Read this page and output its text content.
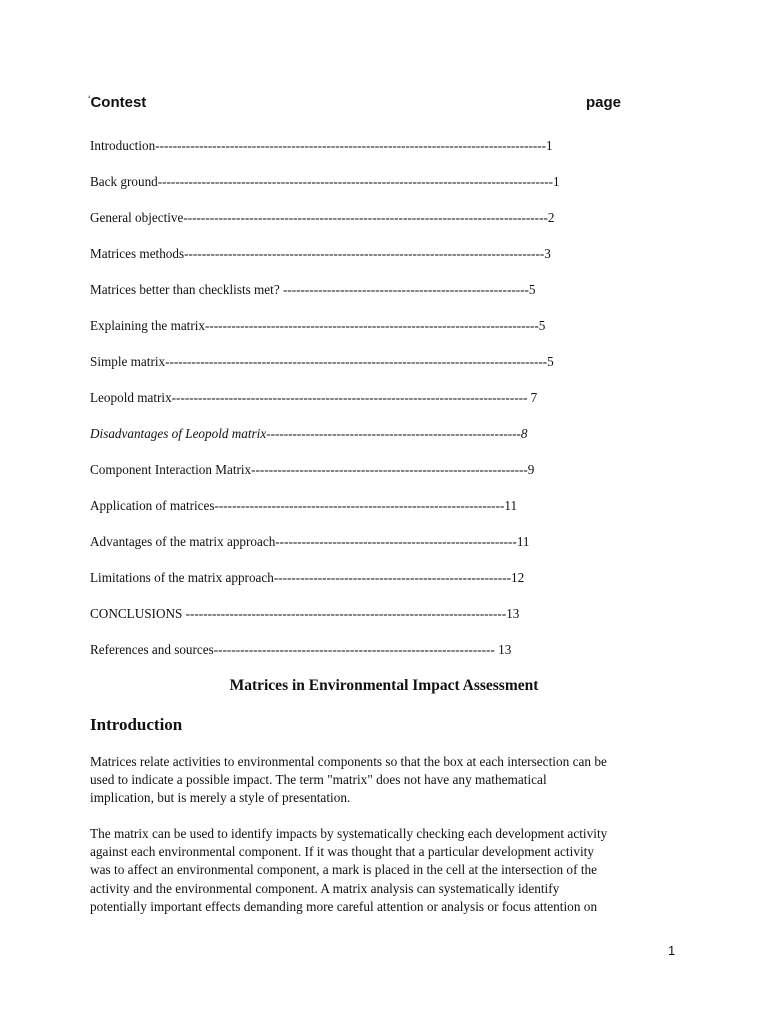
‘Contest	page
Introduction-----------------------------------------------------------------------------------------1
Back ground------------------------------------------------------------------------------------------1
General objective-----------------------------------------------------------------------------------2
Matrices methods----------------------------------------------------------------------------------3
Matrices better than checklists met? --------------------------------------------------------5
Explaining the matrix----------------------------------------------------------------------------5
Simple matrix---------------------------------------------------------------------------------------5
Leopold matrix--------------------------------------------------------------------------------- 7
Disadvantages of Leopold matrix----------------------------------------------------------8
Component Interaction Matrix---------------------------------------------------------------9
Application of matrices------------------------------------------------------------------11
Advantages of the matrix approach-------------------------------------------------------11
Limitations of the matrix approach------------------------------------------------------12
CONCLUSIONS -------------------------------------------------------------------------13
References and sources---------------------------------------------------------------- 13
Matrices in Environmental Impact Assessment
Introduction
Matrices relate activities to environmental components so that the box at each intersection can be
used to indicate a possible impact. The term "matrix" does not have any mathematical
implication, but is merely a style of presentation.
The matrix can be used to identify impacts by systematically checking each development activity
against each environmental component. If it was thought that a particular development activity
was to affect an environmental component, a mark is placed in the cell at the intersection of the
activity and the environmental component. A matrix analysis can systematically identify
potentially important effects demanding more careful attention or analysis or focus attention on
1
